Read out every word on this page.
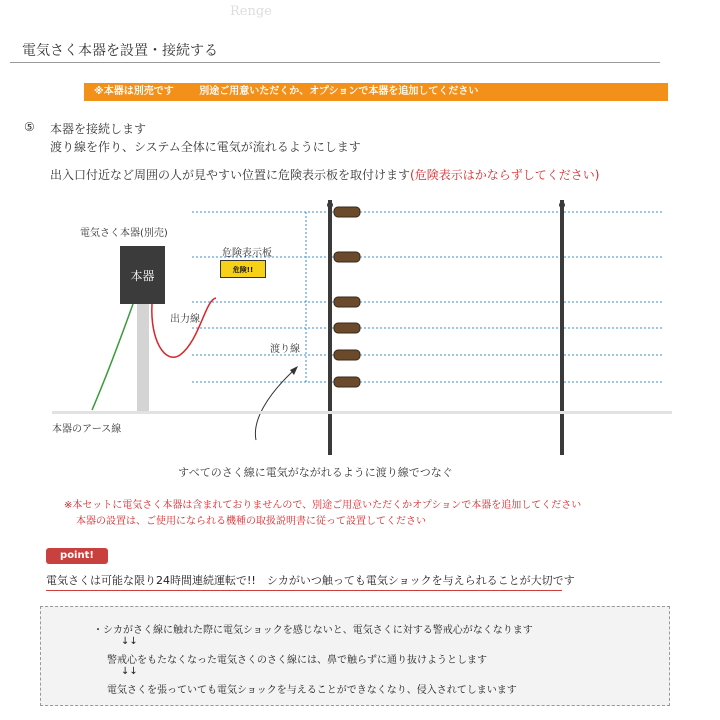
電気さく本器を設置・接続する
※本器は別売です	別途ご用意いただくか、オプションで本器を追加してください
⑤ 本器を接続します
渡り線を作り、システム全体に電気が流れるようにします
出入口付近など周囲の人が見やすい位置に危険表示板を取付けます(危険表示はかならずしてください)
本器
電気さく本器(別売)
危険表示板
危険!!
出力線
渡り線
本器のアース線
すべてのさく線に電気がながれるように渡り線でつなぐ
※本セットに電気さく本器は含まれておりませんので、別途ご用意いただくかオプションで本器を追加してください
本器の設置は、ご使用になられる機種の取扱説明書に従って設置してください
point!
電気さくは可能な限り24時間連続運転で!!　シカがいつ触っても電気ショックを与えられることが大切です
・シカがさく線に触れた際に電気ショックを感じないと、電気さくに対する警戒心がなくなります
↓↓
警戒心をもたなくなった電気さくのさく線には、鼻で触らずに通り抜けようとします
↓↓
電気さくを張っていても電気ショックを与えることができなくなり、侵入されてしまいます
Renge
